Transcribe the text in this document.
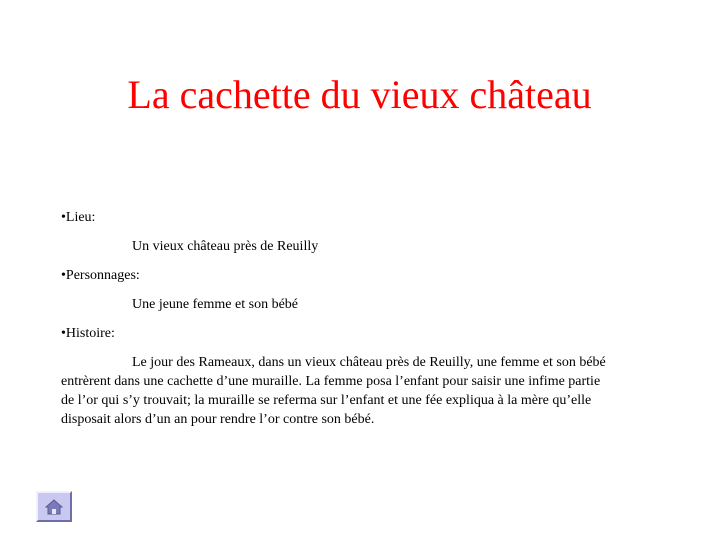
La cachette du vieux château
•Lieu:
Un vieux château près de Reuilly
•Personnages:
Une jeune femme et son bébé
•Histoire:

Le jour des Rameaux, dans un vieux château près de Reuilly, une femme et son bébé entrèrent dans une cachette d’une muraille. La femme posa l’enfant pour saisir une infime partie de l’or qui s’y trouvait; la muraille se referma sur l’enfant et une fée expliqua à la mère qu’elle disposait alors d’un an pour rendre l’or contre son bébé.
